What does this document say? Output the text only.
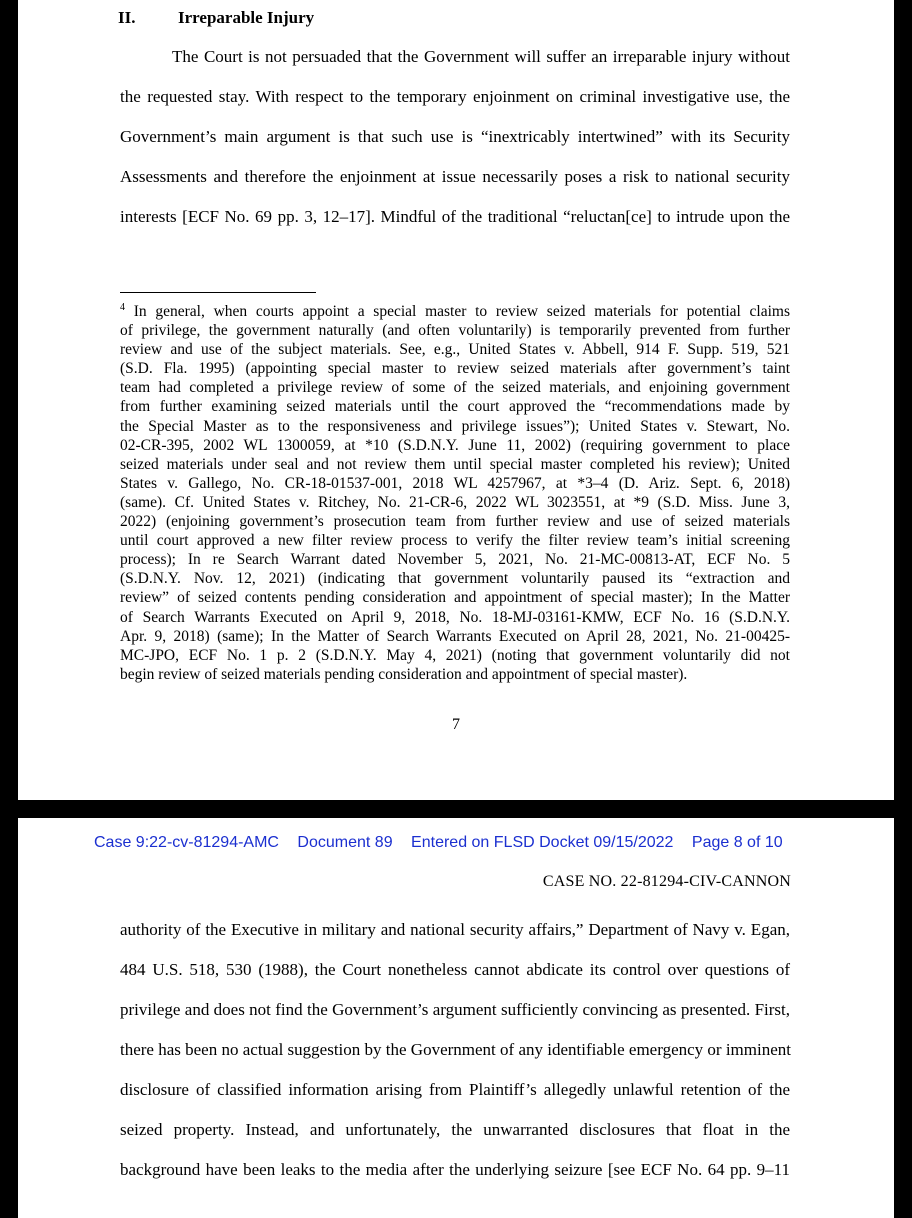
II.	Irreparable Injury
The Court is not persuaded that the Government will suffer an irreparable injury without
the requested stay. With respect to the temporary enjoinment on criminal investigative use, the
Government’s main argument is that such use is “inextricably intertwined” with its Security
Assessments and therefore the enjoinment at issue necessarily poses a risk to national security
interests [ECF No. 69 pp. 3, 12–17]. Mindful of the traditional “reluctan[ce] to intrude upon the
$^4$ In general, when courts appoint a special master to review seized materials for potential claims
of privilege, the government naturally (and often voluntarily) is temporarily prevented from further
review and use of the subject materials. See, e.g., United States v. Abbell, 914 F. Supp. 519, 521
(S.D. Fla. 1995) (appointing special master to review seized materials after government’s taint
team had completed a privilege review of some of the seized materials, and enjoining government
from further examining seized materials until the court approved the “recommendations made by
the Special Master as to the responsiveness and privilege issues”); United States v. Stewart, No.
02-CR-395, 2002 WL 1300059, at *10 (S.D.N.Y. June 11, 2002) (requiring government to place
seized materials under seal and not review them until special master completed his review); United
States v. Gallego, No. CR-18-01537-001, 2018 WL 4257967, at *3–4 (D. Ariz. Sept. 6, 2018)
(same). Cf. United States v. Ritchey, No. 21-CR-6, 2022 WL 3023551, at *9 (S.D. Miss. June 3,
2022) (enjoining government’s prosecution team from further review and use of seized materials
until court approved a new filter review process to verify the filter review team’s initial screening
process); In re Search Warrant dated November 5, 2021, No. 21-MC-00813-AT, ECF No. 5
(S.D.N.Y. Nov. 12, 2021) (indicating that government voluntarily paused its “extraction and
review” of seized contents pending consideration and appointment of special master); In the Matter
of Search Warrants Executed on April 9, 2018, No. 18-MJ-03161-KMW, ECF No. 16 (S.D.N.Y.
Apr. 9, 2018) (same); In the Matter of Search Warrants Executed on April 28, 2021, No. 21-00425-
MC-JPO, ECF No. 1 p. 2 (S.D.N.Y. May 4, 2021) (noting that government voluntarily did not
begin review of seized materials pending consideration and appointment of special master).
7
Case 9:22-cv-81294-AMC Document 89 Entered on FLSD Docket 09/15/2022 Page 8 of 10
CASE NO. 22-81294-CIV-CANNON
authority of the Executive in military and national security affairs,” Department of Navy v. Egan,
484 U.S. 518, 530 (1988), the Court nonetheless cannot abdicate its control over questions of
privilege and does not find the Government’s argument sufficiently convincing as presented. First,
there has been no actual suggestion by the Government of any identifiable emergency or imminent
disclosure of classified information arising from Plaintiff’s allegedly unlawful retention of the
seized property. Instead, and unfortunately, the unwarranted disclosures that float in the
background have been leaks to the media after the underlying seizure [see ECF No. 64 pp. 9–11
